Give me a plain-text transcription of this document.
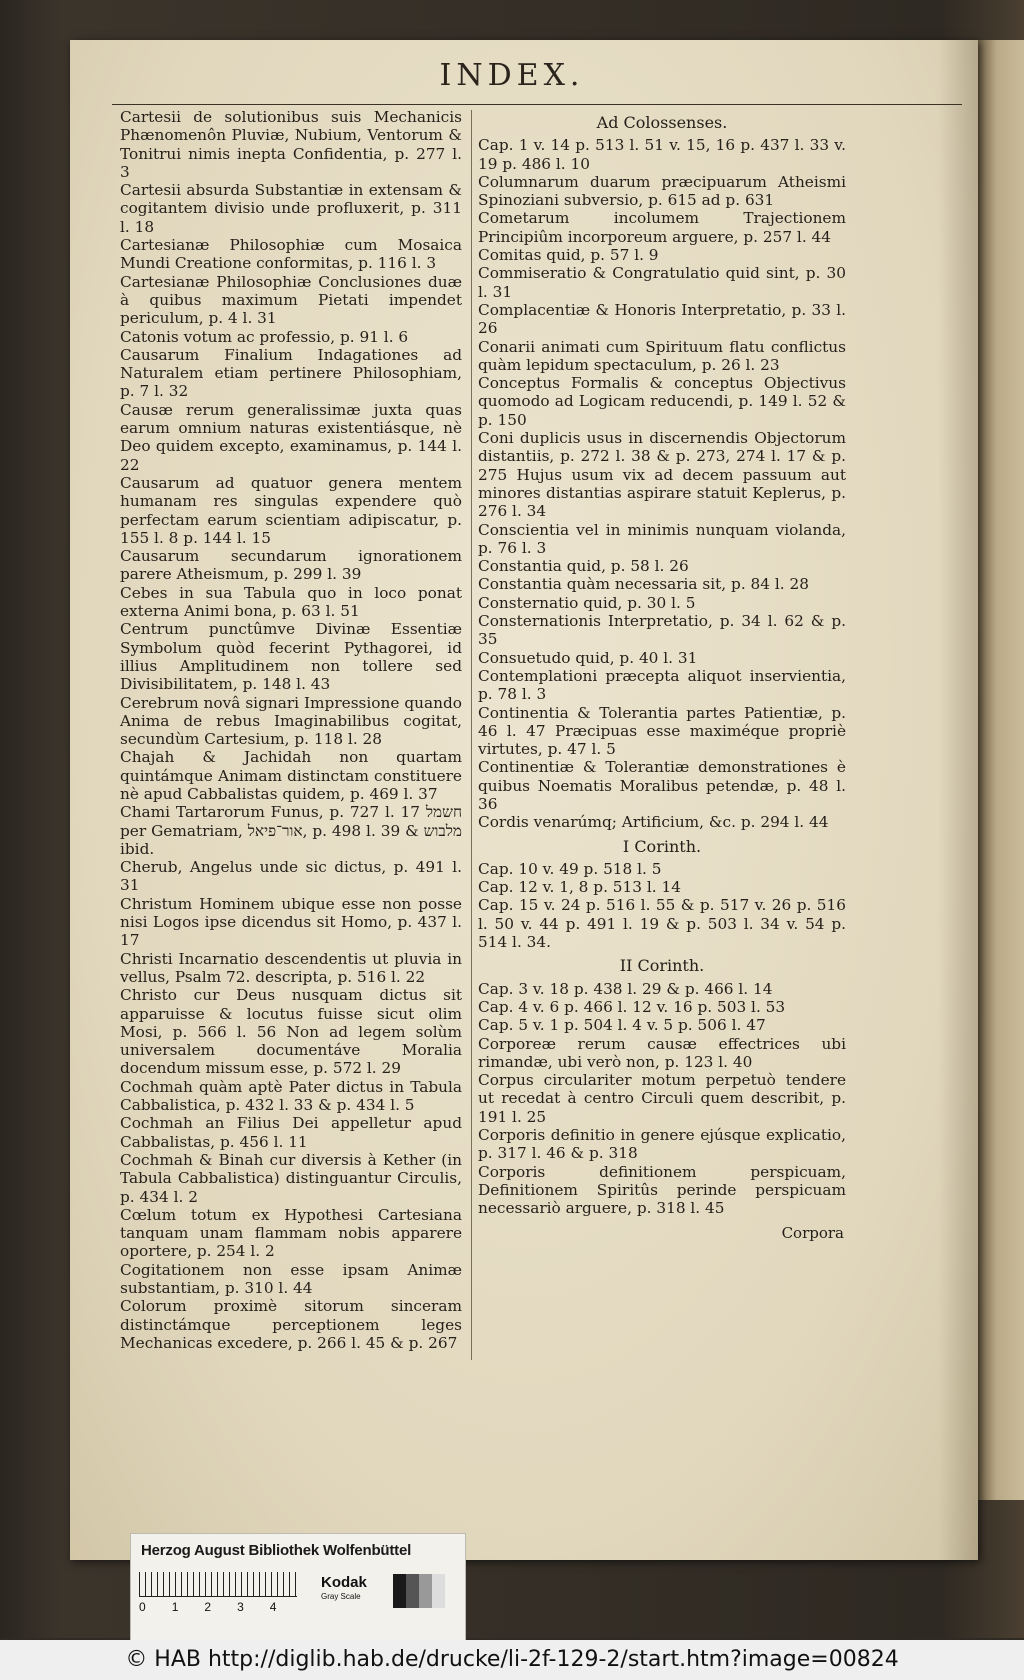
INDEX.
Cartesii de solutionibus suis Mechanicis Phænomenôn Pluviæ, Nubium, Ventorum & Tonitrui nimis inepta Confidentia, p. 277 l. 3
Cartesii absurda Substantiæ in extensam & cogitantem divisio unde profluxerit, p. 311 l. 18
Cartesianæ Philosophiæ cum Mosaica Mundi Creatione conformitas, p. 116 l. 3
Cartesianæ Philosophiæ Conclusiones duæ à quibus maximum Pietati impendet periculum, p. 4 l. 31
Catonis votum ac professio, p. 91 l. 6
Causarum Finalium Indagationes ad Naturalem etiam pertinere Philosophiam, p. 7 l. 32
Causæ rerum generalissimæ juxta quas earum omnium naturas existentiásque, nè Deo quidem excepto, examinamus, p. 144 l. 22
Causarum ad quatuor genera mentem humanam res singulas expendere quò perfectam earum scientiam adipiscatur, p. 155 l. 8 p. 144 l. 15
Causarum secundarum ignorationem parere Atheismum, p. 299 l. 39
Cebes in sua Tabula quo in loco ponat externa Animi bona, p. 63 l. 51
Centrum punctûmve Divinæ Essentiæ Symbolum quòd fecerint Pythagorei, id illius Amplitudinem non tollere sed Divisibilitatem, p. 148 l. 43
Cerebrum novâ signari Impressione quando Anima de rebus Imaginabilibus cogitat, secundùm Cartesium, p. 118 l. 28
Chajah & Jachidah non quartam quintámque Animam distinctam constituere nè apud Cabbalistas quidem, p. 469 l. 37
Chami Tartarorum Funus, p. 727 l. 17 חשמל per Gematriam, אור־פיאל, p. 498 l. 39 & מלבוש ibid.
Cherub, Angelus unde sic dictus, p. 491 l. 31
Christum Hominem ubique esse non posse nisi Logos ipse dicendus sit Homo, p. 437 l. 17
Christi Incarnatio descendentis ut pluvia in vellus, Psalm 72. descripta, p. 516 l. 22
Christo cur Deus nusquam dictus sit apparuisse & locutus fuisse sicut olim Mosi, p. 566 l. 56 Non ad legem solùm universalem documentáve Moralia docendum missum esse, p. 572 l. 29
Cochmah quàm aptè Pater dictus in Tabula Cabbalistica, p. 432 l. 33 & p. 434 l. 5
Cochmah an Filius Dei appelletur apud Cabbalistas, p. 456 l. 11
Cochmah & Binah cur diversis à Kether (in Tabula Cabbalistica) distinguantur Circulis, p. 434 l. 2
Cœlum totum ex Hypothesi Cartesiana tanquam unam flammam nobis apparere oportere, p. 254 l. 2
Cogitationem non esse ipsam Animæ substantiam, p. 310 l. 44
Colorum proximè sitorum sinceram distinctámque perceptionem leges Mechanicas excedere, p. 266 l. 45 & p. 267
Ad Colossenses.
Cap. 1 v. 14 p. 513 l. 51 v. 15, 16 p. 437 l. 33 v. 19 p. 486 l. 10
Columnarum duarum præcipuarum Atheismi Spinoziani subversio, p. 615 ad p. 631
Cometarum incolumem Trajectionem Principiûm incorporeum arguere, p. 257 l. 44
Comitas quid, p. 57 l. 9
Commiseratio & Congratulatio quid sint, p. 30 l. 31
Complacentiæ & Honoris Interpretatio, p. 33 l. 26
Conarii animati cum Spirituum flatu conflictus quàm lepidum spectaculum, p. 26 l. 23
Conceptus Formalis & conceptus Objectivus quomodo ad Logicam reducendi, p. 149 l. 52 & p. 150
Coni duplicis usus in discernendis Objectorum distantiis, p. 272 l. 38 & p. 273, 274 l. 17 & p. 275 Hujus usum vix ad decem passuum aut minores distantias aspirare statuit Keplerus, p. 276 l. 34
Conscientia vel in minimis nunquam violanda, p. 76 l. 3
Constantia quid, p. 58 l. 26
Constantia quàm necessaria sit, p. 84 l. 28
Consternatio quid, p. 30 l. 5
Consternationis Interpretatio, p. 34 l. 62 & p. 35
Consuetudo quid, p. 40 l. 31
Contemplationi præcepta aliquot inservientia, p. 78 l. 3
Continentia & Tolerantia partes Patientiæ, p. 46 l. 47 Præcipuas esse maximéque propriè virtutes, p. 47 l. 5
Continentiæ & Tolerantiæ demonstrationes è quibus Noematis Moralibus petendæ, p. 48 l. 36
Cordis venarúmq; Artificium, &c. p. 294 l. 44
I Corinth.
Cap. 10 v. 49 p. 518 l. 5
Cap. 12 v. 1, 8 p. 513 l. 14
Cap. 15 v. 24 p. 516 l. 55 & p. 517 v. 26 p. 516 l. 50 v. 44 p. 491 l. 19 & p. 503 l. 34 v. 54 p. 514 l. 34.
II Corinth.
Cap. 3 v. 18 p. 438 l. 29 & p. 466 l. 14
Cap. 4 v. 6 p. 466 l. 12 v. 16 p. 503 l. 53
Cap. 5 v. 1 p. 504 l. 4 v. 5 p. 506 l. 47
Corporeæ rerum causæ effectrices ubi rimandæ, ubi verò non, p. 123 l. 40
Corpus circulariter motum perpetuò tendere ut recedat à centro Circuli quem describit, p. 191 l. 25
Corporis definitio in genere ejúsque explicatio, p. 317 l. 46 & p. 318
Corporis definitionem perspicuam, Definitionem Spiritûs perinde perspicuam necessariò arguere, p. 318 l. 45
Corpora
Herzog August Bibliothek Wolfenbüttel
0 1 2 3 4
Kodak
Gray Scale
© HAB http://diglib.hab.de/drucke/li-2f-129-2/start.htm?image=00824
